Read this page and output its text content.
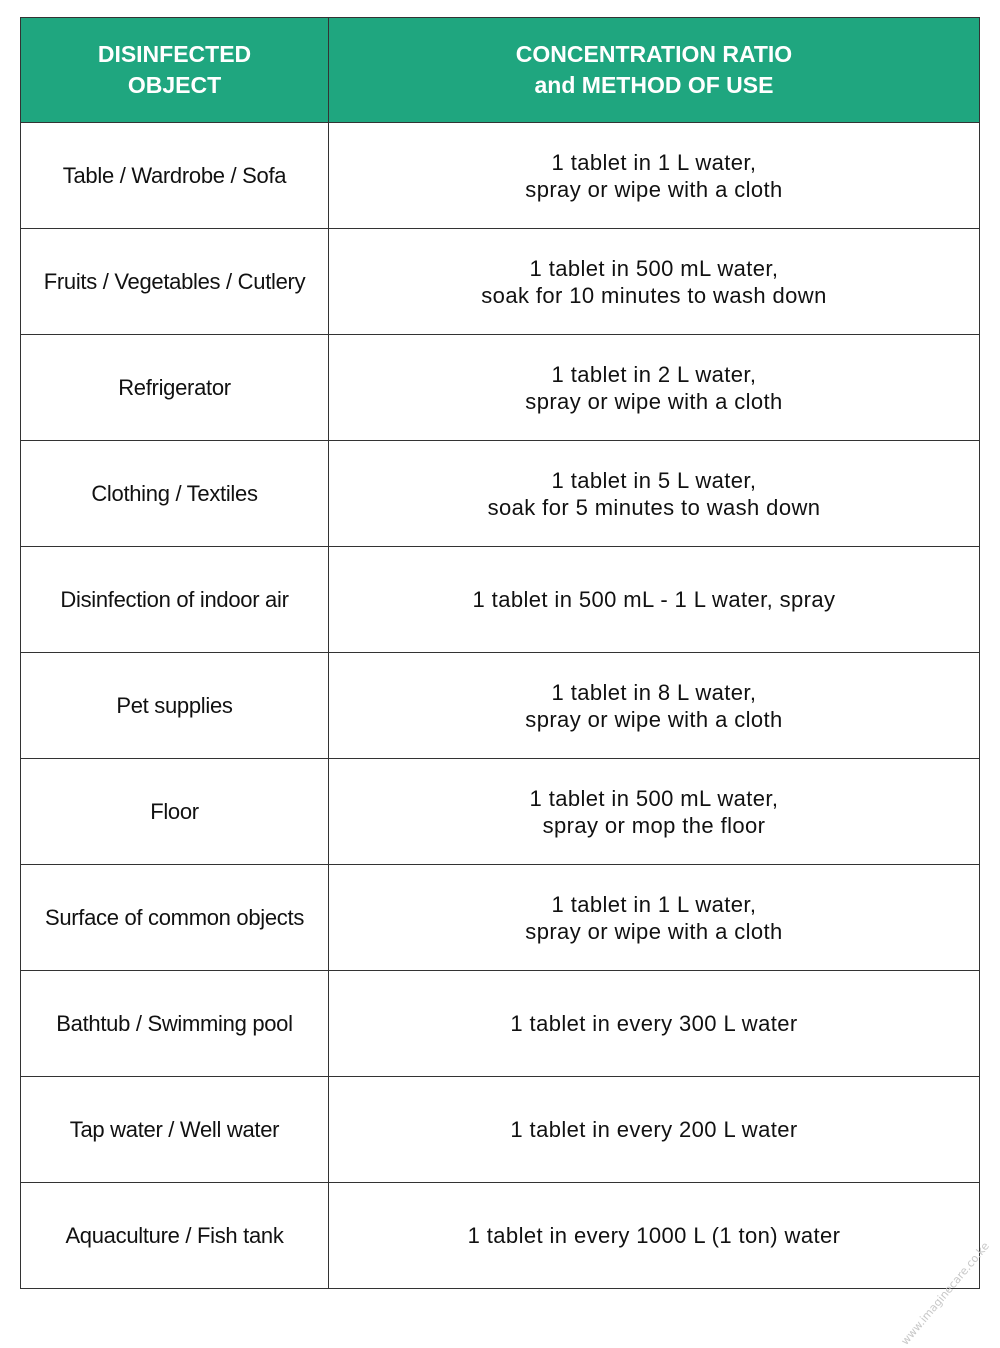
DISINFECTED
OBJECT	CONCENTRATION RATIO
and METHOD OF USE

Table / Wardrobe / Sofa	1 tablet in 1 L water,
spray or wipe with a cloth

Fruits / Vegetables / Cutlery	1 tablet in 500 mL water,
soak for 10 minutes to wash down

Refrigerator	1 tablet in 2 L water,
spray or wipe with a cloth

Clothing / Textiles	1 tablet in 5 L water,
soak for 5 minutes to wash down

Disinfection of indoor air	1 tablet in 500 mL - 1 L water, spray

Pet supplies	1 tablet in 8 L water,
spray or wipe with a cloth

Floor	1 tablet in 500 mL water,
spray or mop the floor

Surface of common objects	1 tablet in 1 L water,
spray or wipe with a cloth

Bathtub / Swimming pool	1 tablet in every 300 L water

Tap water / Well water	1 tablet in every 200 L water

Aquaculture / Fish tank	1 tablet in every 1000 L (1 ton) water
www.imaginecare.co.ke
